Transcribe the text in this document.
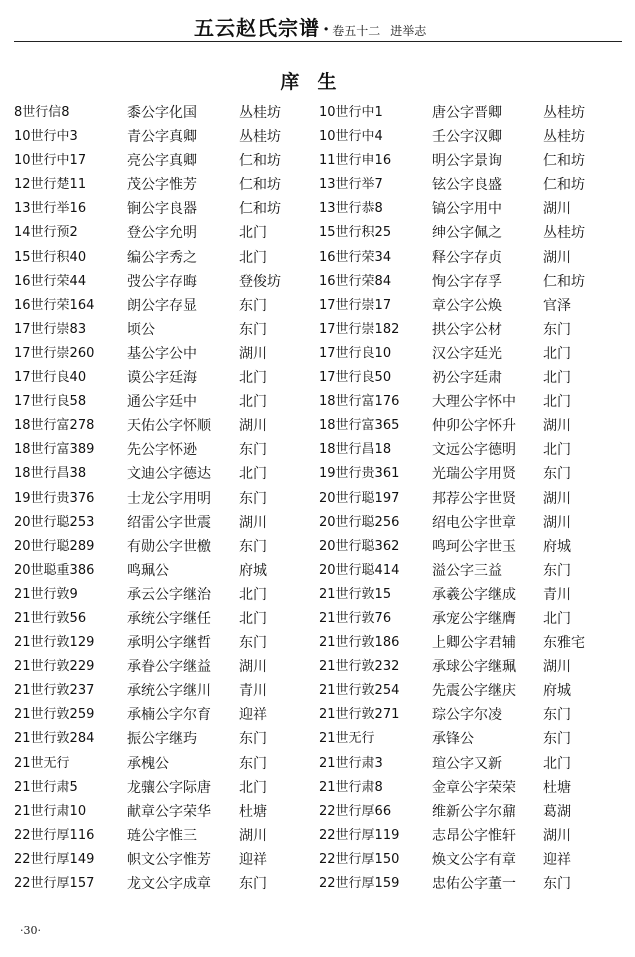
五云赵氏宗谱 · 卷五十二 进举志
庠生
8世行信8	黍公字化国	丛桂坊	10世行中1	唐公字晋卿	丛桂坊
10世行中3	青公字真卿	丛桂坊	10世行中4	壬公字汉卿	丛桂坊
10世行中17	亮公字真卿	仁和坊	11世行申16	明公字景询	仁和坊
12世行楚11	茂公字惟芳	仁和坊	13世行举7	铉公字良盛	仁和坊
13世行举16	锏公字良器	仁和坊	13世行恭8	镐公字用中	湖川
14世行预2	登公字允明	北门	15世行积25	绅公字佩之	丛桂坊
15世行积40	编公字秀之	北门	16世行荣34	释公字存贞	湖川
16世行荣44	弢公字存晦	登俊坊	16世行荣84	恂公字存孚	仁和坊
16世行荣164 朗公字存显	东门	17世行崇17	章公字公焕	官泽
17世行崇83	顷公	东门	17世行崇182 拱公字公材	东门
17世行崇260 基公字公中	湖川	17世行良10	汉公字廷光	北门
17世行良40	谟公字廷海	北门	17世行良50	礽公字廷肃	北门
17世行良58	通公字廷中	北门	18世行富176 大理公字怀中 北门
18世行富278 天佑公字怀顺 湖川	18世行富365 仲卯公字怀升 湖川
18世行富389 先公字怀逊	东门	18世行昌18	文远公字德明 北门
18世行昌38	文迪公字德达 北门	19世行贵361 光瑞公字用贤 东门
19世行贵376 士龙公字用明 东门	20世行聪197 邦荐公字世贤 湖川
20世行聪253 绍雷公字世震 湖川	20世行聪256 绍电公字世章 湖川
20世行聪289 有勋公字世檄 东门	20世行聪362 鸣珂公字世玉 府城
20世聪重386 鸣珮公	府城	20世行聪414 溢公字三益	东门
21世行敦9	承云公字继治 北门	21世行敦15	承羲公字继成 青川
21世行敦56	承统公字继任 北门	21世行敦76	承宠公字继膺 北门
21世行敦129 承明公字继哲 东门	21世行敦186 上卿公字君辅 东雅宅
21世行敦229 承眷公字继益 湖川	21世行敦232 承球公字继珮 湖川
21世行敦237 承统公字继川 青川	21世行敦254 先震公字继庆 府城
21世行敦259 承楠公字尔育 迎祥	21世行敦271 琮公字尔凌	东门
21世行敦284 振公字继玙	东门	21世无行	承锋公	东门
21世无行	承槐公	东门	21世行肃3	瑄公字又新	北门
21世行肃5	龙骧公字际唐 北门	21世行肃8	金章公字荣荣 杜塘
21世行肃10	献章公字荣华 杜塘	22世行厚66	维新公字尔鼐 葛湖
22世行厚116 琏公字惟三	湖川	22世行厚119 志昂公字惟轩 湖川
22世行厚149 帜文公字惟芳 迎祥	22世行厚150 焕文公字有章 迎祥
22世行厚157 龙文公字成章 东门	22世行厚159 忠佑公字董一 东门
·30·
